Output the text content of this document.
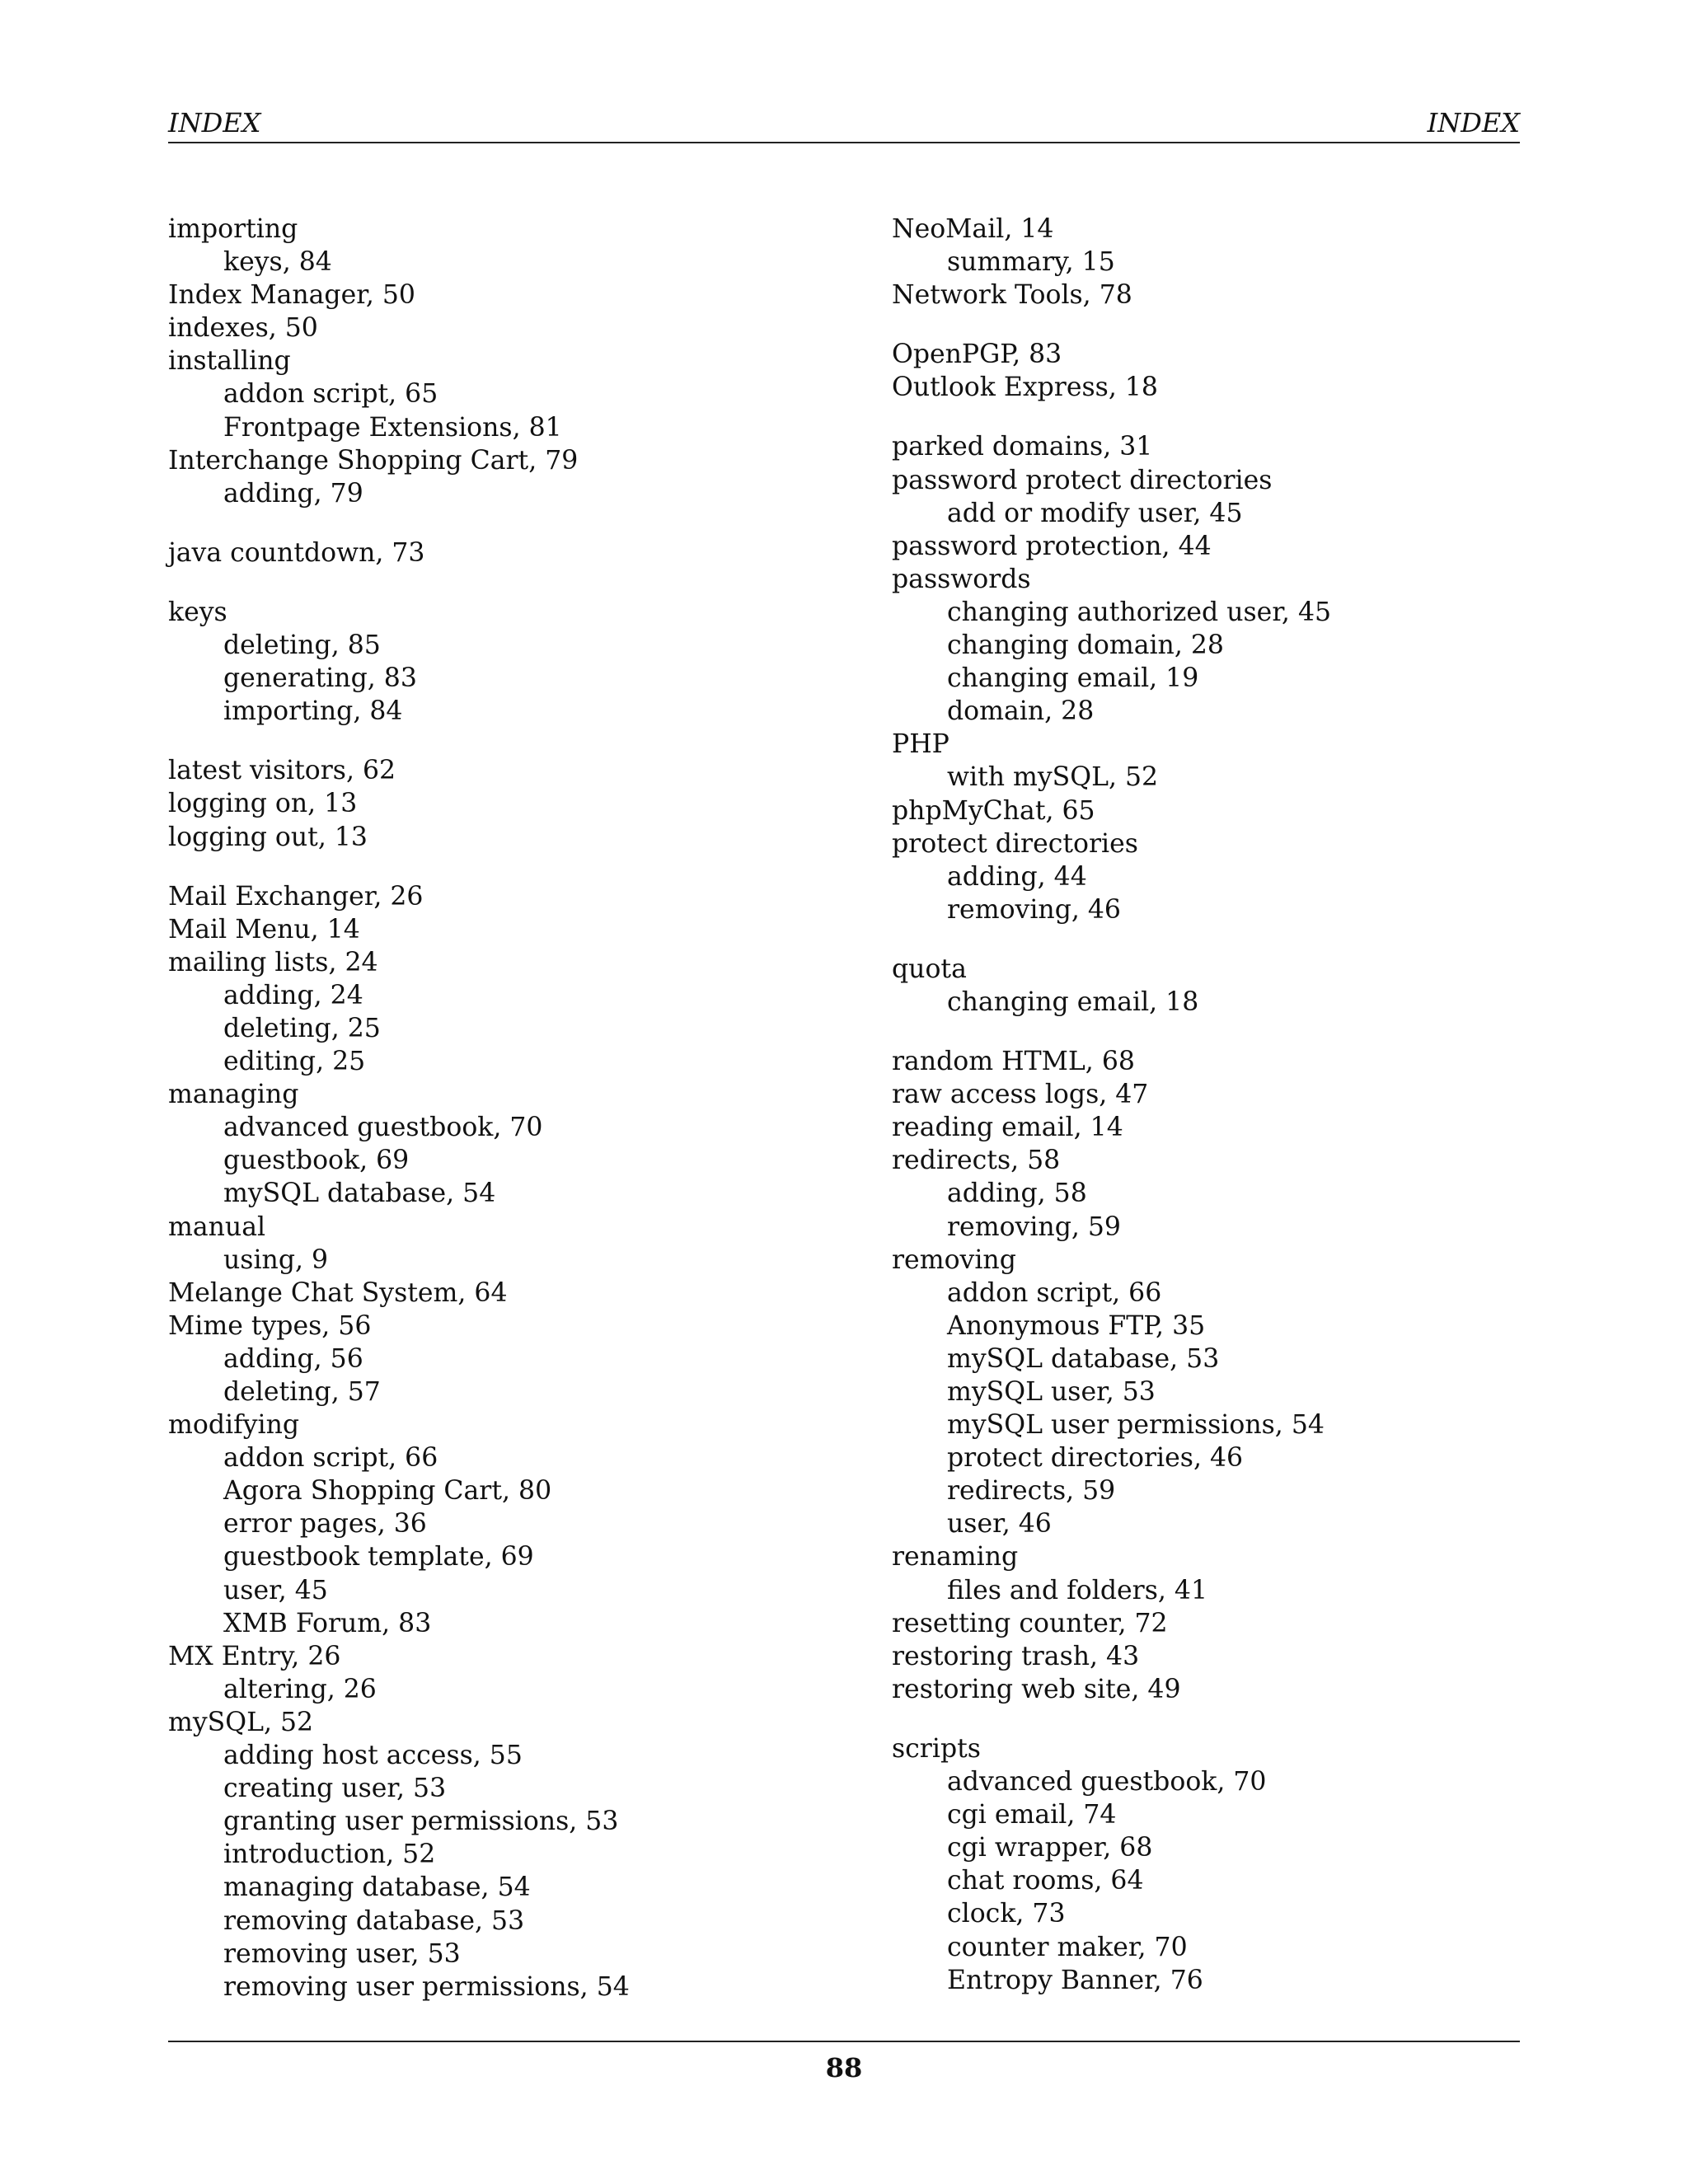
INDEX	INDEX
importing
keys, 84
Index Manager, 50
indexes, 50
installing
addon script, 65
Frontpage Extensions, 81
Interchange Shopping Cart, 79
adding, 79
java countdown, 73
keys
deleting, 85
generating, 83
importing, 84
latest visitors, 62
logging on, 13
logging out, 13
Mail Exchanger, 26
Mail Menu, 14
mailing lists, 24
adding, 24
deleting, 25
editing, 25
managing
advanced guestbook, 70
guestbook, 69
mySQL database, 54
manual
using, 9
Melange Chat System, 64
Mime types, 56
adding, 56
deleting, 57
modifying
addon script, 66
Agora Shopping Cart, 80
error pages, 36
guestbook template, 69
user, 45
XMB Forum, 83
MX Entry, 26
altering, 26
mySQL, 52
adding host access, 55
creating user, 53
granting user permissions, 53
introduction, 52
managing database, 54
removing database, 53
removing user, 53
removing user permissions, 54
NeoMail, 14
summary, 15
Network Tools, 78
OpenPGP, 83
Outlook Express, 18
parked domains, 31
password protect directories
add or modify user, 45
password protection, 44
passwords
changing authorized user, 45
changing domain, 28
changing email, 19
domain, 28
PHP
with mySQL, 52
phpMyChat, 65
protect directories
adding, 44
removing, 46
quota
changing email, 18
random HTML, 68
raw access logs, 47
reading email, 14
redirects, 58
adding, 58
removing, 59
removing
addon script, 66
Anonymous FTP, 35
mySQL database, 53
mySQL user, 53
mySQL user permissions, 54
protect directories, 46
redirects, 59
user, 46
renaming
files and folders, 41
resetting counter, 72
restoring trash, 43
restoring web site, 49
scripts
advanced guestbook, 70
cgi email, 74
cgi wrapper, 68
chat rooms, 64
clock, 73
counter maker, 70
Entropy Banner, 76
88
